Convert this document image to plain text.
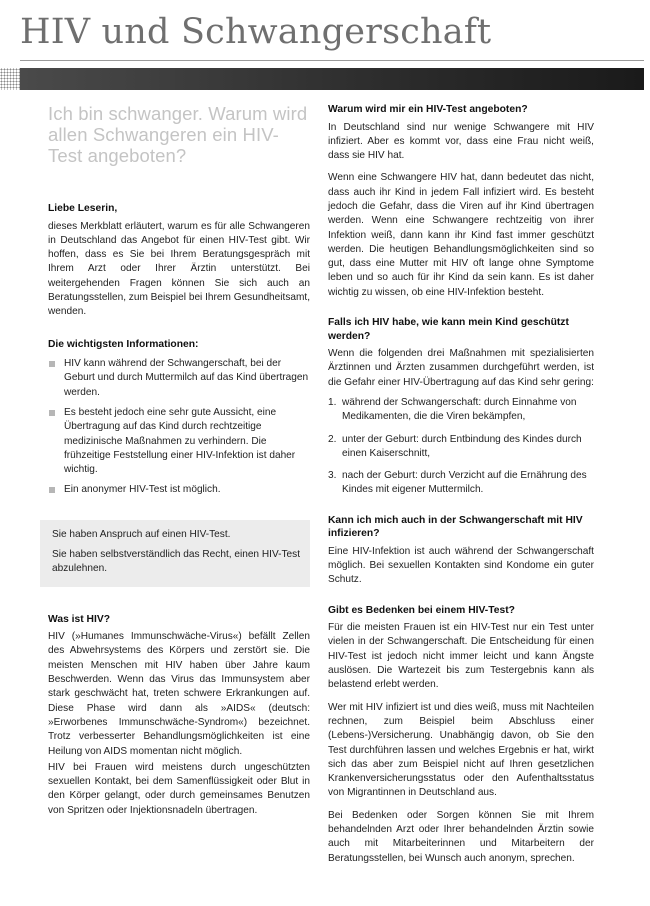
HIV und Schwangerschaft
Ich bin schwanger. Warum wird allen Schwangeren ein HIV-Test angeboten?
Liebe Leserin,

dieses Merkblatt erläutert, warum es für alle Schwangeren in Deutschland das Angebot für einen HIV-Test gibt. Wir hoffen, dass es Sie bei Ihrem Beratungsgespräch mit Ihrem Arzt oder Ihrer Ärztin unterstützt. Bei weitergehenden Fragen können Sie sich auch an Beratungsstellen, zum Beispiel bei Ihrem Gesundheitsamt, wenden.

Die wichtigsten Informationen:
HIV kann während der Schwangerschaft, bei der Geburt und durch Muttermilch auf das Kind übertragen werden.
Es besteht jedoch eine sehr gute Aussicht, eine Übertragung auf das Kind durch rechtzeitige medizinische Maßnahmen zu verhindern. Die frühzeitige Feststellung einer HIV-Infektion ist daher wichtig.
Ein anonymer HIV-Test ist möglich.

Sie haben Anspruch auf einen HIV-Test.

Sie haben selbstverständlich das Recht, einen HIV-Test abzulehnen.

Was ist HIV?

HIV (»Humanes Immunschwäche-Virus«) befällt Zellen des Abwehrsystems des Körpers und zerstört sie. Die meisten Menschen mit HIV haben über Jahre kaum Beschwerden. Wenn das Virus das Immunsystem aber stark geschwächt hat, treten schwere Erkrankungen auf. Diese Phase wird dann als »AIDS« (deutsch: »Erworbenes Immunschwäche-Syndrom«) bezeichnet. Trotz verbesserter Behandlungsmöglichkeiten ist eine Heilung von AIDS momentan nicht möglich.

HIV bei Frauen wird meistens durch ungeschützten sexuellen Kontakt, bei dem Samenflüssigkeit oder Blut in den Körper gelangt, oder durch gemeinsames Benutzen von Spritzen oder Injektionsnadeln übertragen.

Warum wird mir ein HIV-Test angeboten?

In Deutschland sind nur wenige Schwangere mit HIV infiziert. Aber es kommt vor, dass eine Frau nicht weiß, dass sie HIV hat.

Wenn eine Schwangere HIV hat, dann bedeutet das nicht, dass auch ihr Kind in jedem Fall infiziert wird. Es besteht jedoch die Gefahr, dass die Viren auf ihr Kind übertragen werden. Wenn eine Schwangere rechtzeitig von ihrer Infektion weiß, dann kann ihr Kind fast immer geschützt werden. Die heutigen Behandlungsmöglichkeiten sind so gut, dass eine Mutter mit HIV oft lange ohne Symptome leben und so auch für ihr Kind da sein kann. Es ist daher wichtig zu wissen, ob eine HIV-Infektion besteht.

Falls ich HIV habe, wie kann mein Kind geschützt werden?

Wenn die folgenden drei Maßnahmen mit spezialisierten Ärztinnen und Ärzten zusammen durchgeführt werden, ist die Gefahr einer HIV-Übertragung auf das Kind sehr gering:

1. während der Schwangerschaft: durch Einnahme von Medikamenten, die die Viren bekämpfen,
2. unter der Geburt: durch Entbindung des Kindes durch einen Kaiserschnitt,
3. nach der Geburt: durch Verzicht auf die Ernährung des Kindes mit eigener Muttermilch.
Kann ich mich auch in der Schwangerschaft mit HIV infizieren?

Eine HIV-Infektion ist auch während der Schwangerschaft möglich. Bei sexuellen Kontakten sind Kondome ein guter Schutz.

Gibt es Bedenken bei einem HIV-Test?

Für die meisten Frauen ist ein HIV-Test nur ein Test unter vielen in der Schwangerschaft. Die Entscheidung für einen HIV-Test ist jedoch nicht immer leicht und kann Ängste auslösen. Die Wartezeit bis zum Testergebnis kann als belastend erlebt werden.

Wer mit HIV infiziert ist und dies weiß, muss mit Nachteilen rechnen, zum Beispiel beim Abschluss einer (Lebens-)Versicherung. Unabhängig davon, ob Sie den Test durchführen lassen und welches Ergebnis er hat, wirkt sich das aber zum Beispiel nicht auf Ihren gesetzlichen Krankenversicherungsstatus oder den Aufenthaltsstatus von Migrantinnen in Deutschland aus.

Bei Bedenken oder Sorgen können Sie mit Ihrem behandelnden Arzt oder Ihrer behandelnden Ärztin sowie auch mit Mitarbeiterinnen und Mitarbeitern der Beratungsstellen, bei Wunsch auch anonym, sprechen.
